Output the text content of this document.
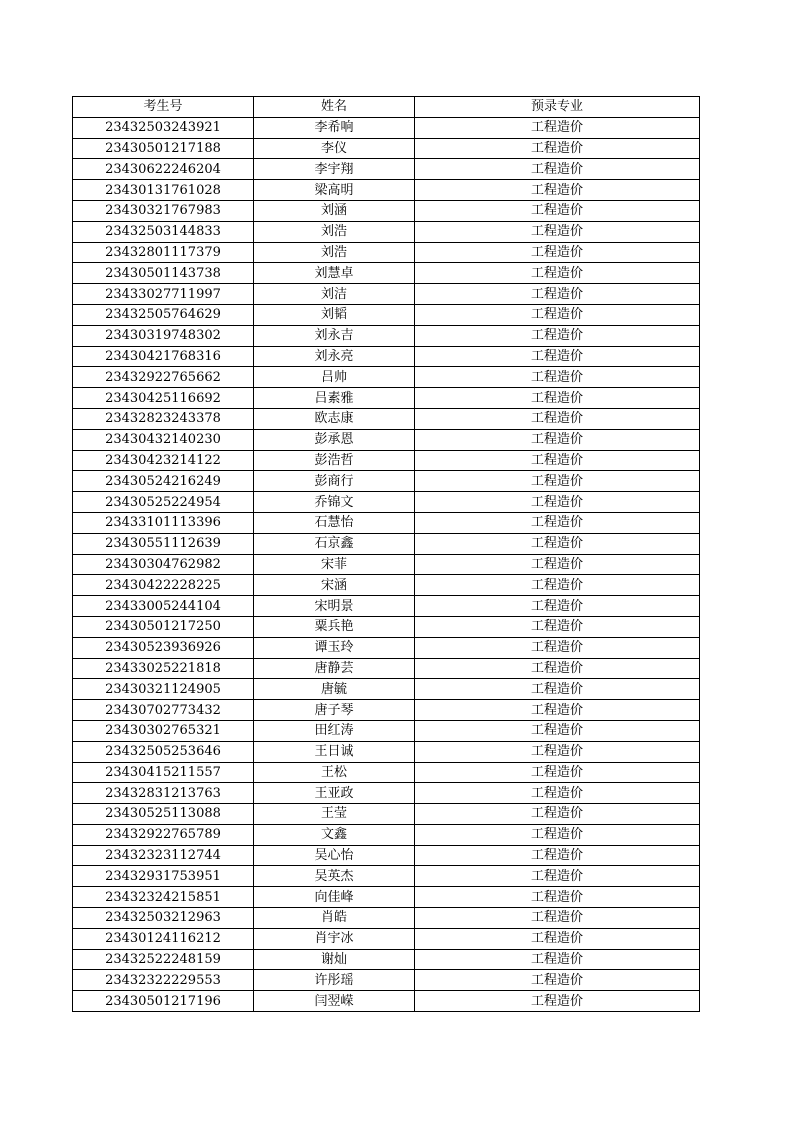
考生号	姓名	预录专业
23432503243921	李希响	工程造价
23430501217188	李仪	工程造价
23430622246204	李宇翔	工程造价
23430131761028	梁高明	工程造价
23430321767983	刘涵	工程造价
23432503144833	刘浩	工程造价
23432801117379	刘浩	工程造价
23430501143738	刘慧卓	工程造价
23433027711997	刘洁	工程造价
23432505764629	刘韬	工程造价
23430319748302	刘永吉	工程造价
23430421768316	刘永亮	工程造价
23432922765662	吕帅	工程造价
23430425116692	吕素雅	工程造价
23432823243378	欧志康	工程造价
23430432140230	彭承恩	工程造价
23430423214122	彭浩哲	工程造价
23430524216249	彭商行	工程造价
23430525224954	乔锦文	工程造价
23433101113396	石慧怡	工程造价
23430551112639	石京鑫	工程造价
23430304762982	宋菲	工程造价
23430422228225	宋涵	工程造价
23433005244104	宋明景	工程造价
23430501217250	粟兵艳	工程造价
23430523936926	谭玉玲	工程造价
23433025221818	唐静芸	工程造价
23430321124905	唐毓	工程造价
23430702773432	唐子琴	工程造价
23430302765321	田红涛	工程造价
23432505253646	王日诚	工程造价
23430415211557	王松	工程造价
23432831213763	王亚政	工程造价
23430525113088	王莹	工程造价
23432922765789	文鑫	工程造价
23432323112744	吴心怡	工程造价
23432931753951	吴英杰	工程造价
23432324215851	向佳峰	工程造价
23432503212963	肖皓	工程造价
23430124116212	肖宇冰	工程造价
23432522248159	谢灿	工程造价
23432322229553	许彤瑶	工程造价
23430501217196	闫翌嵘	工程造价
